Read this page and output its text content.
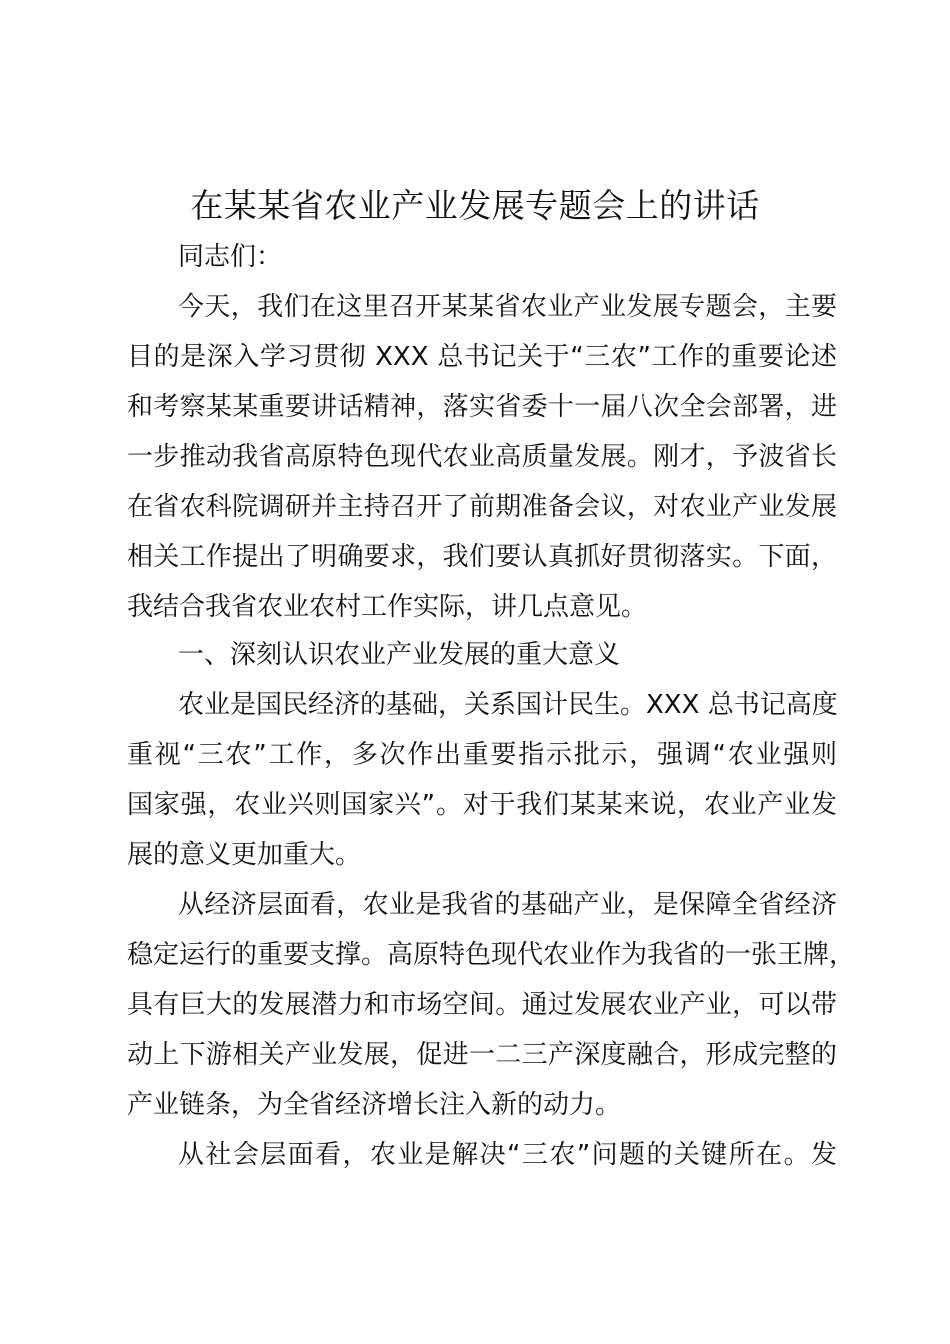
在某某省农业产业发展专题会上的讲话

同志们：

今天，我们在这里召开某某省农业产业发展专题会，主要

目的是深入学习贯彻 XXX 总书记关于“三农”工作的重要论述

和考察某某重要讲话精神，落实省委十一届八次全会部署，进

一步推动我省高原特色现代农业高质量发展。刚才，予波省长

在省农科院调研并主持召开了前期准备会议，对农业产业发展

相关工作提出了明确要求，我们要认真抓好贯彻落实。下面，

我结合我省农业农村工作实际，讲几点意见。

一、深刻认识农业产业发展的重大意义

农业是国民经济的基础，关系国计民生。XXX 总书记高度

重视“三农”工作，多次作出重要指示批示，强调“农业强则

国家强，农业兴则国家兴”。对于我们某某来说，农业产业发

展的意义更加重大。

从经济层面看，农业是我省的基础产业，是保障全省经济

稳定运行的重要支撑。高原特色现代农业作为我省的一张王牌，

具有巨大的发展潜力和市场空间。通过发展农业产业，可以带

动上下游相关产业发展，促进一二三产深度融合，形成完整的

产业链条，为全省经济增长注入新的动力。

从社会层面看，农业是解决“三农”问题的关键所在。发
